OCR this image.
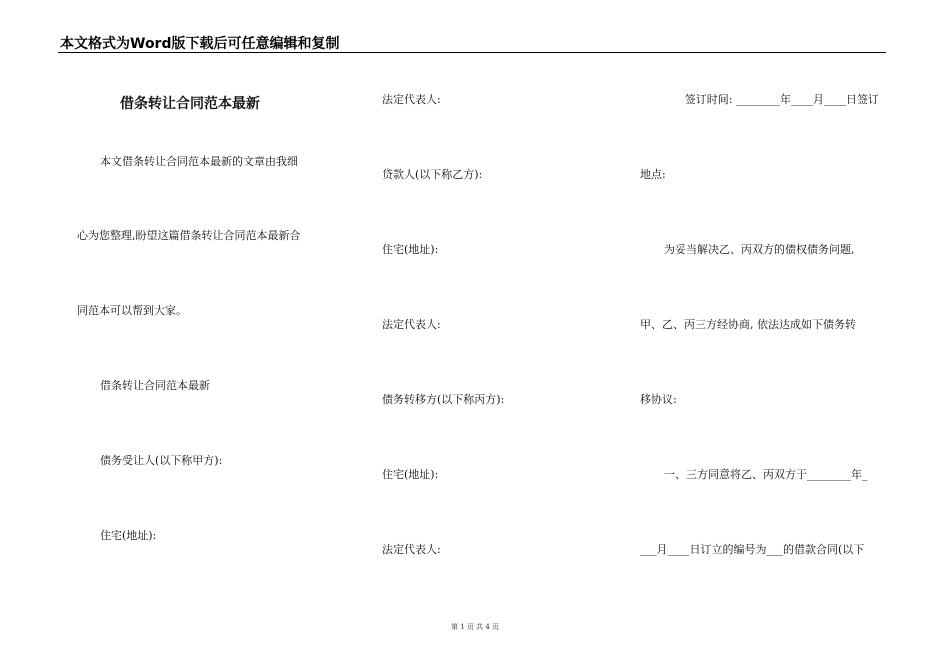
本文格式为Word版下载后可任意编辑和复制
借条转让合同范本最新
本文借条转让合同范本最新的文章由我细
心为您整理,盼望这篇借条转让合同范本最新合
同范本可以帮到大家。
借条转让合同范本最新
债务受让人(以下称甲方):
住宅(地址):
法定代表人:
贷款人(以下称乙方):
住宅(地址):
法定代表人:
债务转移方(以下称丙方):
住宅(地址):
法定代表人:
签订时间: ________年____月____日签订
地点:
为妥当解决乙、丙双方的债权债务问题,
甲、乙、丙三方经协商, 依法达成如下债务转
移协议:
一、三方同意将乙、丙双方于________年_
___月____日订立的编号为___的借款合同(以下
第 1 页 共 4 页
